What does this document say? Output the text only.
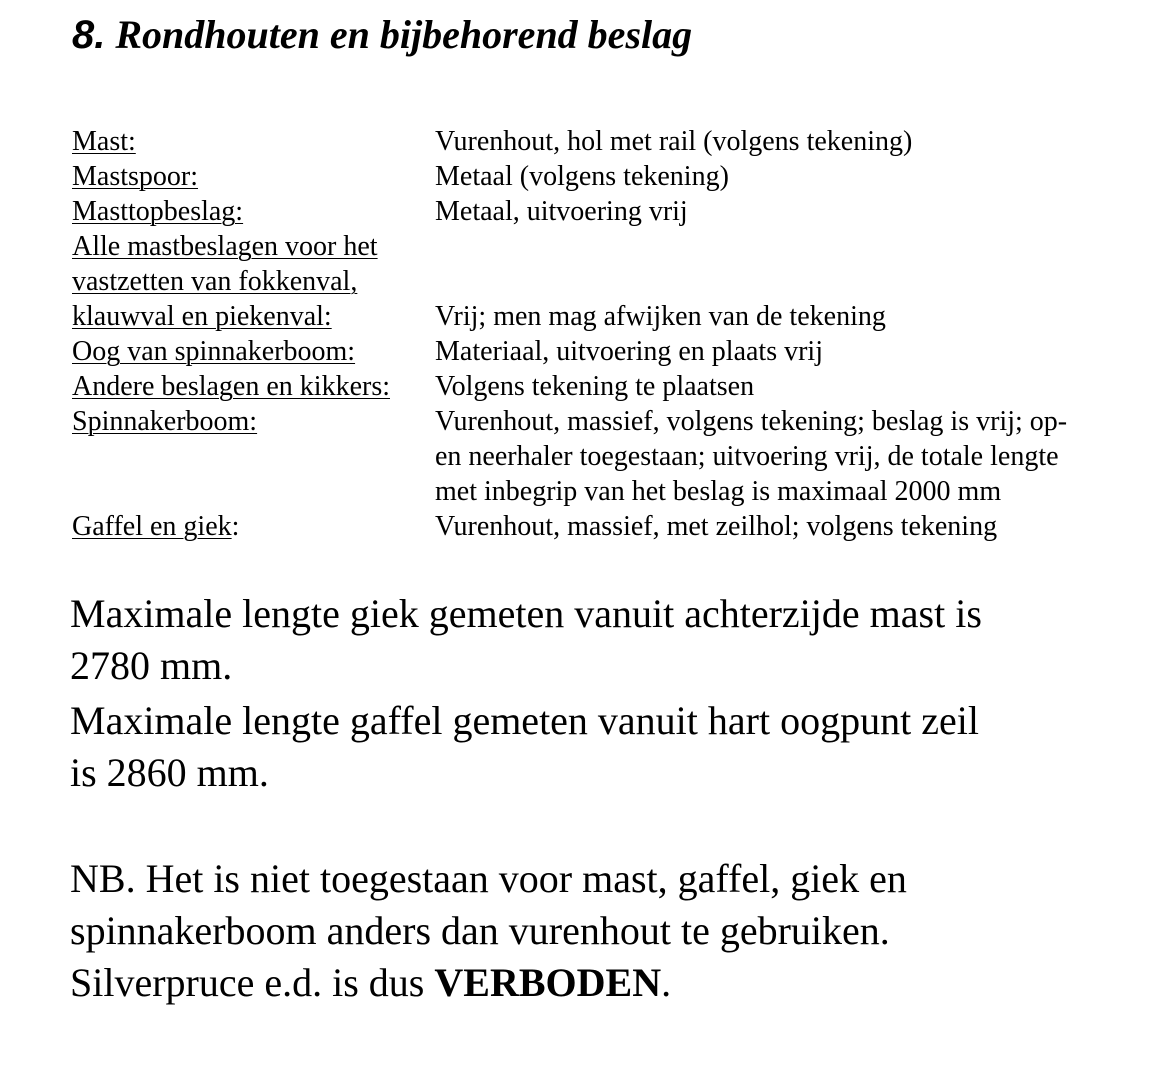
8. Rondhouten en bijbehorend beslag
Mast:	Vurenhout, hol met rail (volgens tekening)
Mastspoor:	Metaal (volgens tekening)
Masttopbeslag:	Metaal, uitvoering vrij
Alle mastbeslagen voor het
vastzetten van fokkenval,
klauwval en piekenval:	Vrij; men mag afwijken van de tekening
Oog van spinnakerboom:	Materiaal, uitvoering en plaats vrij
Andere beslagen en kikkers:	Volgens tekening te plaatsen
Spinnakerboom:	Vurenhout, massief, volgens tekening; beslag is vrij; op-
en neerhaler toegestaan; uitvoering vrij, de totale lengte
met inbegrip van het beslag is maximaal 2000 mm
Gaffel en giek:	Vurenhout, massief, met zeilhol; volgens tekening
Maximale lengte giek gemeten vanuit achterzijde mast is
2780 mm.
Maximale lengte gaffel gemeten vanuit hart oogpunt zeil
is 2860 mm.
NB. Het is niet toegestaan voor mast, gaffel, giek en
spinnakerboom anders dan vurenhout te gebruiken.
Silverpruce e.d. is dus VERBODEN.
